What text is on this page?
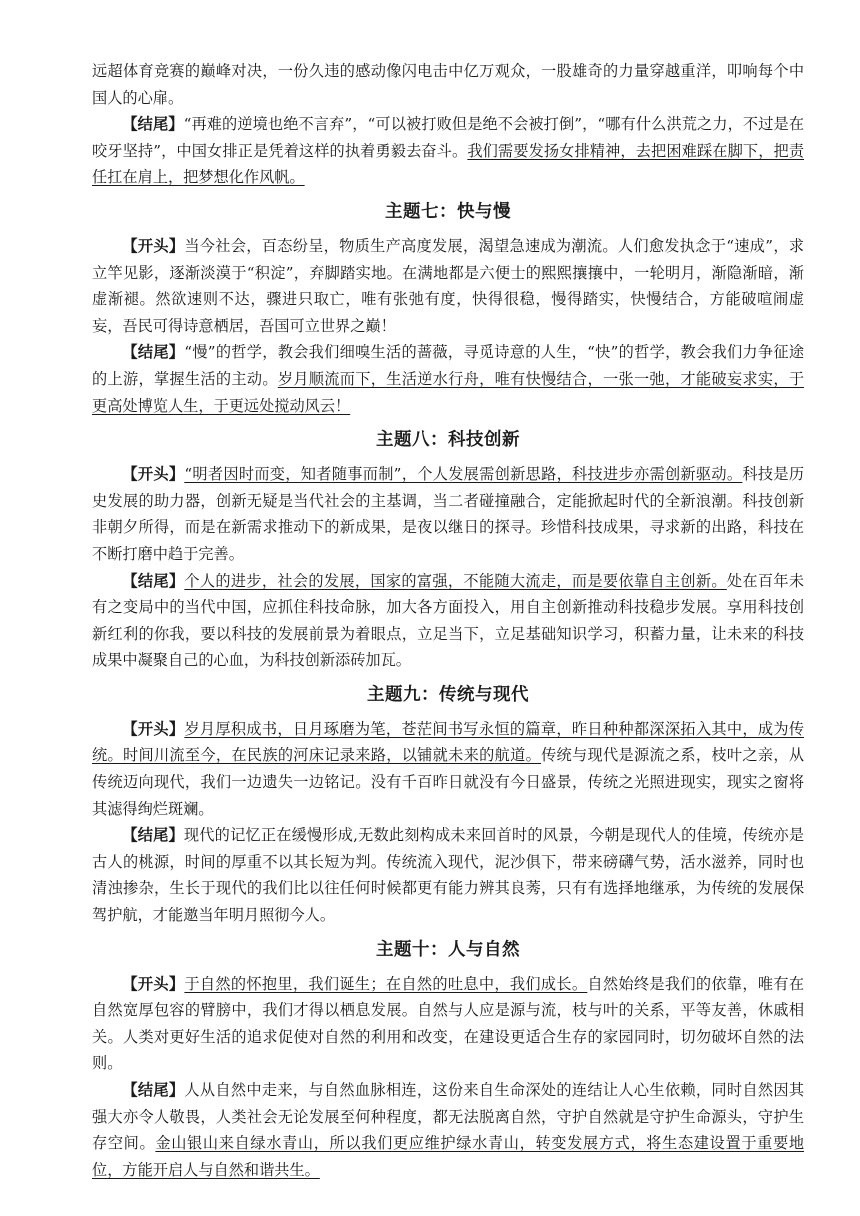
远超体育竞赛的巅峰对决，一份久违的感动像闪电击中亿万观众，一股雄奇的力量穿越重洋，叩响每个中国人的心扉。

【结尾】“再难的逆境也绝不言弃”，“可以被打败但是绝不会被打倒”，“哪有什么洪荒之力，不过是在咬牙坚持”，中国女排正是凭着这样的执着勇毅去奋斗。我们需要发扬女排精神，去把困难踩在脚下，把责任扛在肩上，把梦想化作风帆。

主题七：快与慢

【开头】当今社会，百态纷呈，物质生产高度发展，渴望急速成为潮流。人们愈发执念于“速成”，求立竿见影，逐渐淡漠于“积淀”，弃脚踏实地。在满地都是六便士的熙熙攘攘中，一轮明月，渐隐渐暗，渐虚渐褪。然欲速则不达，骤进只取亡，唯有张弛有度，快得很稳，慢得踏实，快慢结合，方能破喧闹虚妄，吾民可得诗意栖居，吾国可立世界之巅！

【结尾】“慢”的哲学，教会我们细嗅生活的蔷薇，寻觅诗意的人生，“快”的哲学，教会我们力争征途的上游，掌握生活的主动。岁月顺流而下，生活逆水行舟，唯有快慢结合，一张一弛，才能破妄求实，于更高处博览人生，于更远处搅动风云！

主题八：科技创新

【开头】“明者因时而变，知者随事而制”，个人发展需创新思路，科技进步亦需创新驱动。科技是历史发展的助力器，创新无疑是当代社会的主基调，当二者碰撞融合，定能掀起时代的全新浪潮。科技创新非朝夕所得，而是在新需求推动下的新成果，是夜以继日的探寻。珍惜科技成果，寻求新的出路，科技在不断打磨中趋于完善。

【结尾】个人的进步，社会的发展，国家的富强，不能随大流走，而是要依靠自主创新。处在百年未有之变局中的当代中国，应抓住科技命脉，加大各方面投入，用自主创新推动科技稳步发展。享用科技创新红利的你我，要以科技的发展前景为着眼点，立足当下，立足基础知识学习，积蓄力量，让未来的科技成果中凝聚自己的心血，为科技创新添砖加瓦。

主题九：传统与现代

【开头】岁月厚积成书，日月琢磨为笔，苍茫间书写永恒的篇章，昨日种种都深深拓入其中，成为传统。时间川流至今，在民族的河床记录来路，以铺就未来的航道。传统与现代是源流之系，枝叶之亲，从传统迈向现代，我们一边遗失一边铭记。没有千百昨日就没有今日盛景，传统之光照进现实，现实之窗将其滤得绚烂斑斓。

【结尾】现代的记忆正在缓慢形成,无数此刻构成未来回首时的风景，今朝是现代人的佳境，传统亦是古人的桃源，时间的厚重不以其长短为判。传统流入现代，泥沙俱下，带来磅礴气势，活水滋养，同时也清浊掺杂，生长于现代的我们比以往任何时候都更有能力辨其良莠，只有有选择地继承，为传统的发展保驾护航，才能邀当年明月照彻今人。

主题十：人与自然

【开头】于自然的怀抱里，我们诞生；在自然的吐息中，我们成长。自然始终是我们的依靠，唯有在自然宽厚包容的臂膀中，我们才得以栖息发展。自然与人应是源与流，枝与叶的关系，平等友善，休戚相关。人类对更好生活的追求促使对自然的利用和改变，在建设更适合生存的家园同时，切勿破坏自然的法则。

【结尾】人从自然中走来，与自然血脉相连，这份来自生命深处的连结让人心生依赖，同时自然因其强大亦令人敬畏，人类社会无论发展至何种程度，都无法脱离自然，守护自然就是守护生命源头，守护生存空间。金山银山来自绿水青山，所以我们更应维护绿水青山，转变发展方式，将生态建设置于重要地位，方能开启人与自然和谐共生。
